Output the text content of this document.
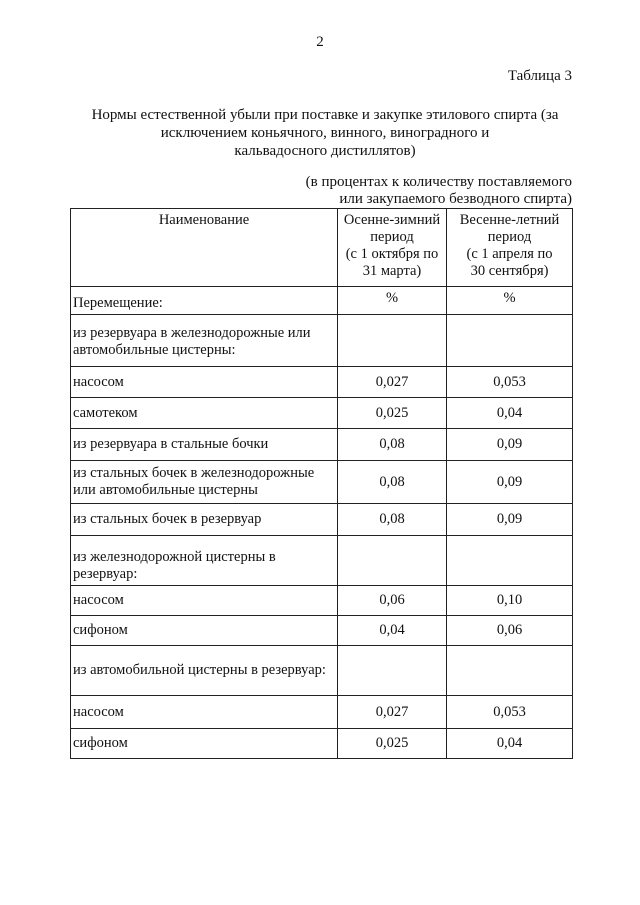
2
Таблица 3
Нормы естественной убыли при поставке и закупке этилового спирта (за
исключением коньячного, винного, виноградного и
кальвадосного дистиллятов)
(в процентах к количеству поставляемого
или закупаемого безводного спирта)
Наименование	Осенне-зимний
период
(с 1 октября по
31 марта)	Весенне-летний
период
(с 1 апреля по
30 сентября)
Перемещение:	%	%
из резервуара в железнодорожные или автомобильные цистерны:		
насосом	0,027	0,053
самотеком	0,025	0,04
из резервуара в стальные бочки	0,08	0,09
из стальных бочек в железнодорожные или автомобильные цистерны	0,08	0,09
из стальных бочек в резервуар	0,08	0,09
из железнодорожной цистерны в резервуар:		
насосом	0,06	0,10
сифоном	0,04	0,06
из автомобильной цистерны в резервуар:		
насосом	0,027	0,053
сифоном	0,025	0,04
